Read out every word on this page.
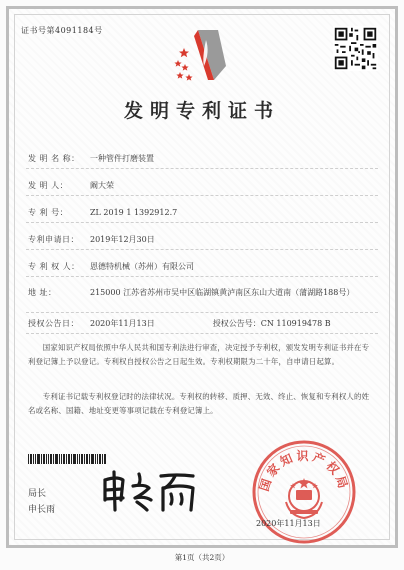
证书号第4091184号
发明专利证书
发 明 名 称： 一种管件打磨装置
发 明 人：	阚大荣
专 利 号：	ZL 2019 1 1392912.7
专利申请日： 2019年12月30日
专 利 权 人： 恩德特机械（苏州）有限公司
地 址：	215000 江苏省苏州市吴中区临湖镇黄泸南区东山大道南（蒲湖路188号）
授权公告日： 2020年11月13日	授权公告号：CN 110919478 B
国家知识产权局依照中华人民共和国专利法进行审查，决定授予专利权，颁发发明专利证书并在专利登记簿上予以登记。专利权自授权公告之日起生效。专利权期限为二十年，自申请日起算。
专利证书记载专利权登记时的法律状况。专利权的转移、质押、无效、终止、恢复和专利权人的姓名或名称、国籍、地址变更等事项记载在专利登记簿上。
局长
申长雨
国家知识产权局
2020年11月13日
第1页（共2页）
